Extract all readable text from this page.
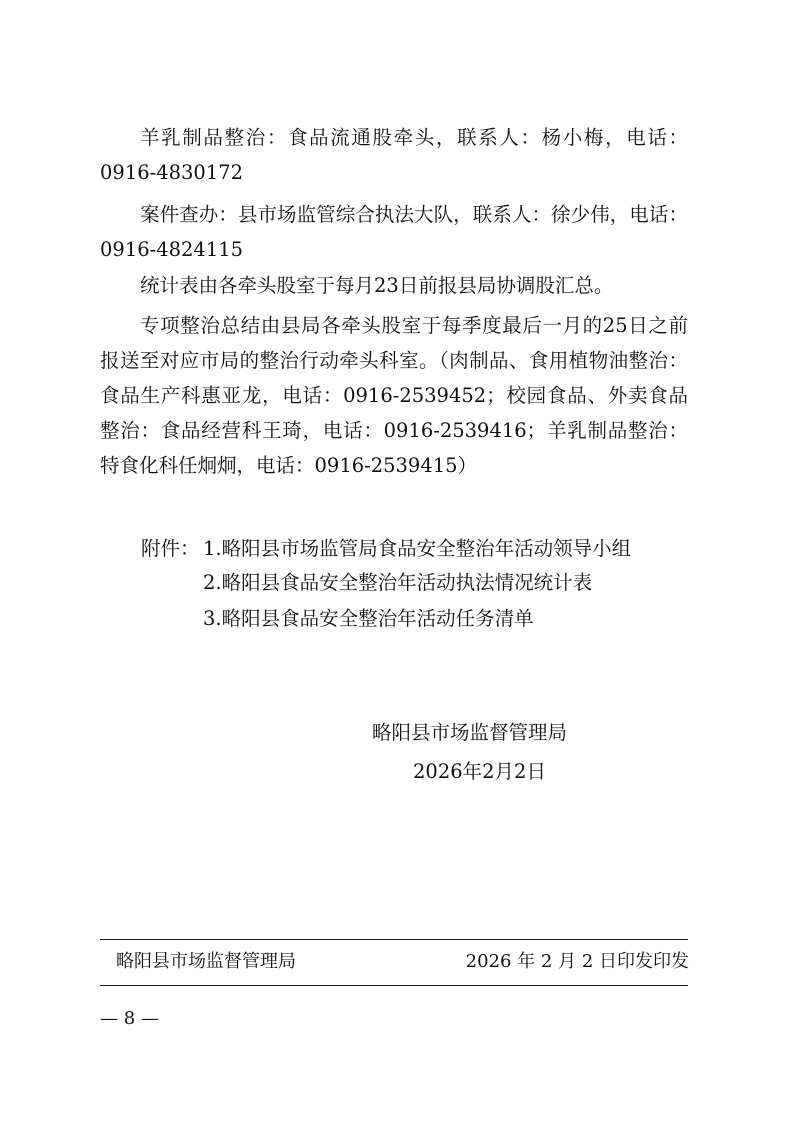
羊乳制品整治：食品流通股牵头，联系人：杨小梅，电话：0916-4830172

案件查办：县市场监管综合执法大队，联系人：徐少伟，电话：0916-4824115

统计表由各牵头股室于每月23日前报县局协调股汇总。

专项整治总结由县局各牵头股室于每季度最后一月的25日之前报送至对应市局的整治行动牵头科室。（肉制品、食用植物油整治：食品生产科惠亚龙，电话：0916-2539452；校园食品、外卖食品整治：食品经营科王琦，电话：0916-2539416；羊乳制品整治：特食化科任炯炯，电话：0916-2539415）

附件： 1.略阳县市场监管局食品安全整治年活动领导小组

2.略阳县食品安全整治年活动执法情况统计表

3.略阳县食品安全整治年活动任务清单

略阳县市场监督管理局

2026年2月2日

略阳县市场监督管理局	2026 年 2 月 2 日印发印发
— 8 —
